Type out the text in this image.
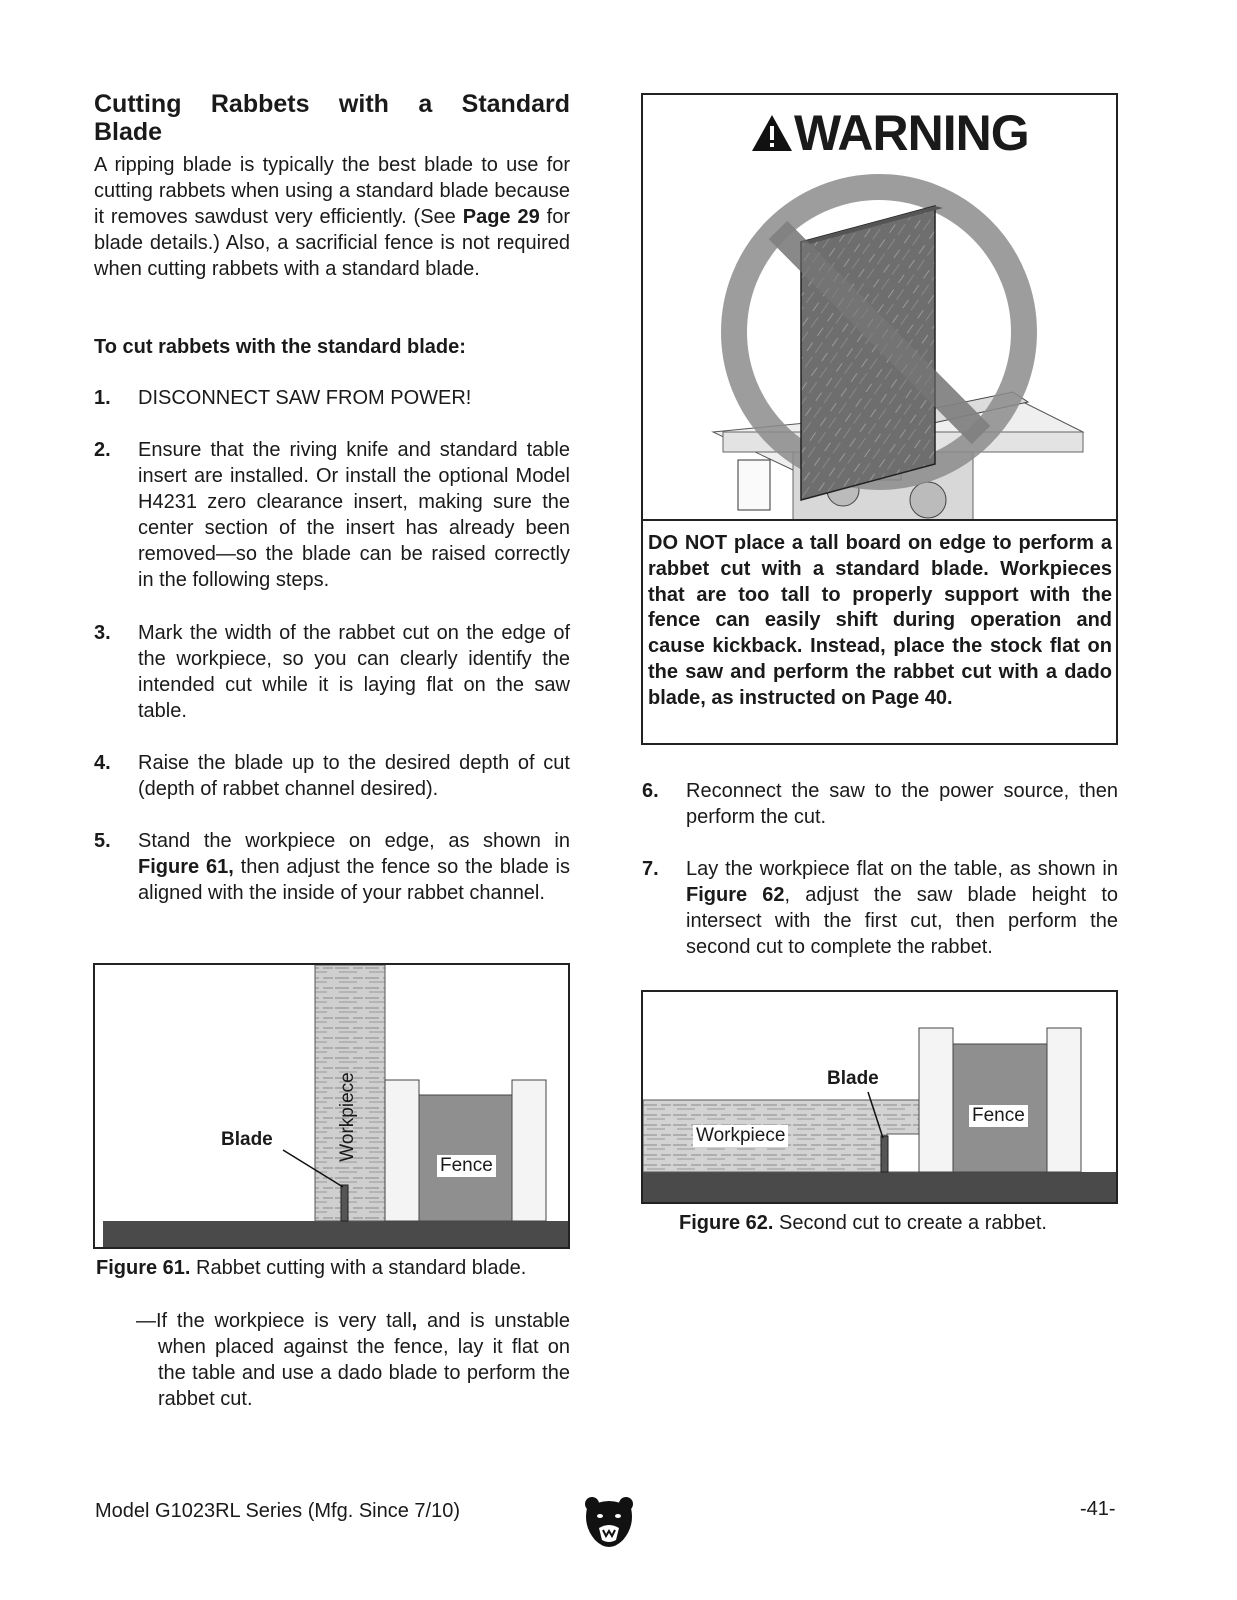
Cutting Rabbets with a Standard
Blade
A ripping blade is typically the best blade to use for cutting rabbets when using a standard blade because it removes sawdust very efficiently. (See Page 29 for blade details.) Also, a sacrificial fence is not required when cutting rabbets with a standard blade.
To cut rabbets with the standard blade:
1. DISCONNECT SAW FROM POWER!
2. Ensure that the riving knife and standard table insert are installed. Or install the optional Model H4231 zero clearance insert, making sure the center section of the insert has already been removed—so the blade can be raised correctly in the following steps.
3. Mark the width of the rabbet cut on the edge of the workpiece, so you can clearly identify the intended cut while it is laying flat on the saw table.
4. Raise the blade up to the desired depth of cut (depth of rabbet channel desired).
5. Stand the workpiece on edge, as shown in Figure 61, then adjust the fence so the blade is aligned with the inside of your rabbet channel.
Blade	Workpiece
Fence
Figure 61. Rabbet cutting with a standard blade.
—If the workpiece is very tall, and is unstable when placed against the fence, lay it flat on the table and use a dado blade to perform the rabbet cut.
WARNING
DO NOT place a tall board on edge to perform a rabbet cut with a standard blade. Workpieces that are too tall to properly support with the fence can easily shift during operation and cause kickback. Instead, place the stock flat on the saw and perform the rabbet cut with a dado blade, as instructed on Page 40.
6. Reconnect the saw to the power source, then perform the cut.
7. Lay the workpiece flat on the table, as shown in Figure 62, adjust the saw blade height to intersect with the first cut, then perform the second cut to complete the rabbet.
Blade
Workpiece
Fence
Figure 62. Second cut to create a rabbet.
Model G1023RL Series (Mfg. Since 7/10)	-41-
